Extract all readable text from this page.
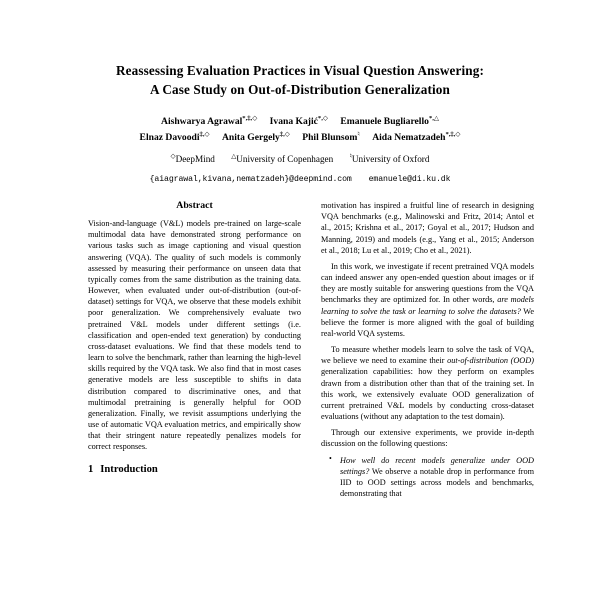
Reassessing Evaluation Practices in Visual Question Answering:
A Case Study on Out-of-Distribution Generalization
Aishwarya Agrawal*,‡,◇ Ivana Kajić*,◇ Emanuele Bugliarello*,△
Elnaz Davoodi‡,◇ Anita Gergely‡,◇ Phil Blunsom♮ Aida Nematzadeh*,‡,◇
◇DeepMind △University of Copenhagen ♮University of Oxford
{aiagrawal,kivana,nematzadeh}@deepmind.com emanuele@di.ku.dk
Abstract

Vision-and-language (V&L) models pre-trained on large-scale multimodal data have demonstrated strong performance on various tasks such as image captioning and visual question answering (VQA). The quality of such models is commonly assessed by measuring their performance on unseen data that typically comes from the same distribution as the training data. However, when evaluated under out-of-distribution (out-of-dataset) settings for VQA, we observe that these models exhibit poor generalization. We comprehensively evaluate two pretrained V&L models under different settings (i.e. classification and open-ended text generation) by conducting cross-dataset evaluations. We find that these models tend to learn to solve the benchmark, rather than learning the high-level skills required by the VQA task. We also find that in most cases generative models are less susceptible to shifts in data distribution compared to discriminative ones, and that multimodal pretraining is generally helpful for OOD generalization. Finally, we revisit assumptions underlying the use of automatic VQA evaluation metrics, and empirically show that their stringent nature repeatedly penalizes models for correct responses.

1 Introduction

motivation has inspired a fruitful line of research in designing VQA benchmarks (e.g., Malinowski and Fritz, 2014; Antol et al., 2015; Krishna et al., 2017; Goyal et al., 2017; Hudson and Manning, 2019) and models (e.g., Yang et al., 2015; Anderson et al., 2018; Lu et al., 2019; Cho et al., 2021).

In this work, we investigate if recent pretrained VQA models can indeed answer any open-ended question about images or if they are mostly suitable for answering questions from the VQA benchmarks they are optimized for. In other words, are models learning to solve the task or learning to solve the datasets? We believe the former is more aligned with the goal of building real-world VQA systems.

To measure whether models learn to solve the task of VQA, we believe we need to examine their out-of-distribution (OOD) generalization capabilities: how they perform on examples drawn from a distribution other than that of the training set. In this work, we extensively evaluate OOD generalization of current pretrained V&L models by conducting cross-dataset evaluations (without any adaptation to the test domain).

Through our extensive experiments, we provide in-depth discussion on the following questions:

• How well do recent models generalize under OOD settings? We observe a notable drop in performance from IID to OOD settings across models and benchmarks, demonstrating that
